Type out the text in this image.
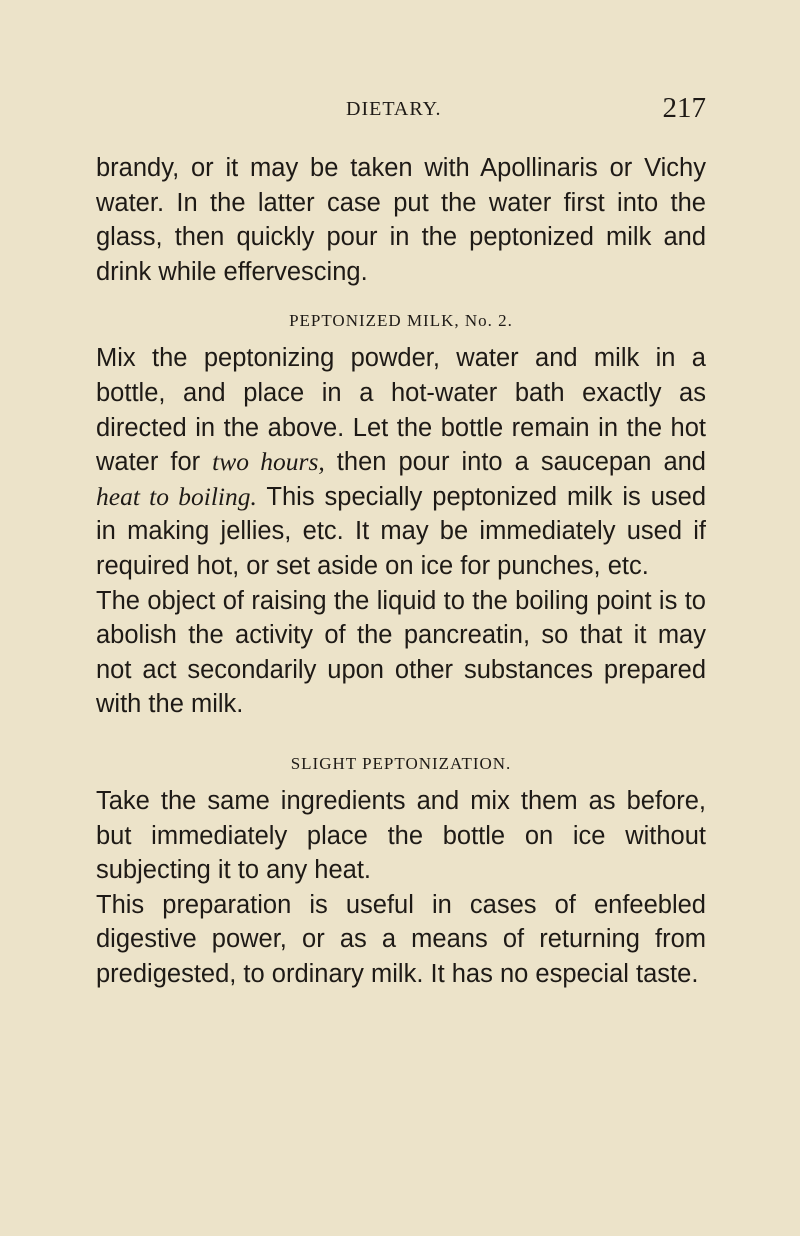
DIETARY.	217

brandy, or it may be taken with Apollinaris or Vichy water. In the latter case put the water first into the glass, then quickly pour in the peptonized milk and drink while effervescing.

PEPTONIZED MILK, No. 2.

Mix the peptonizing powder, water and milk in a bottle, and place in a hot-water bath exactly as directed in the above. Let the bottle remain in the hot water for two hours, then pour into a saucepan and heat to boiling. This specially peptonized milk is used in making jellies, etc. It may be immediately used if required hot, or set aside on ice for punches, etc.

The object of raising the liquid to the boiling point is to abolish the activity of the pancreatin, so that it may not act secondarily upon other substances prepared with the milk.

SLIGHT PEPTONIZATION.

Take the same ingredients and mix them as before, but immediately place the bottle on ice without subjecting it to any heat.

This preparation is useful in cases of enfeebled digestive power, or as a means of returning from predigested, to ordinary milk. It has no especial taste.
